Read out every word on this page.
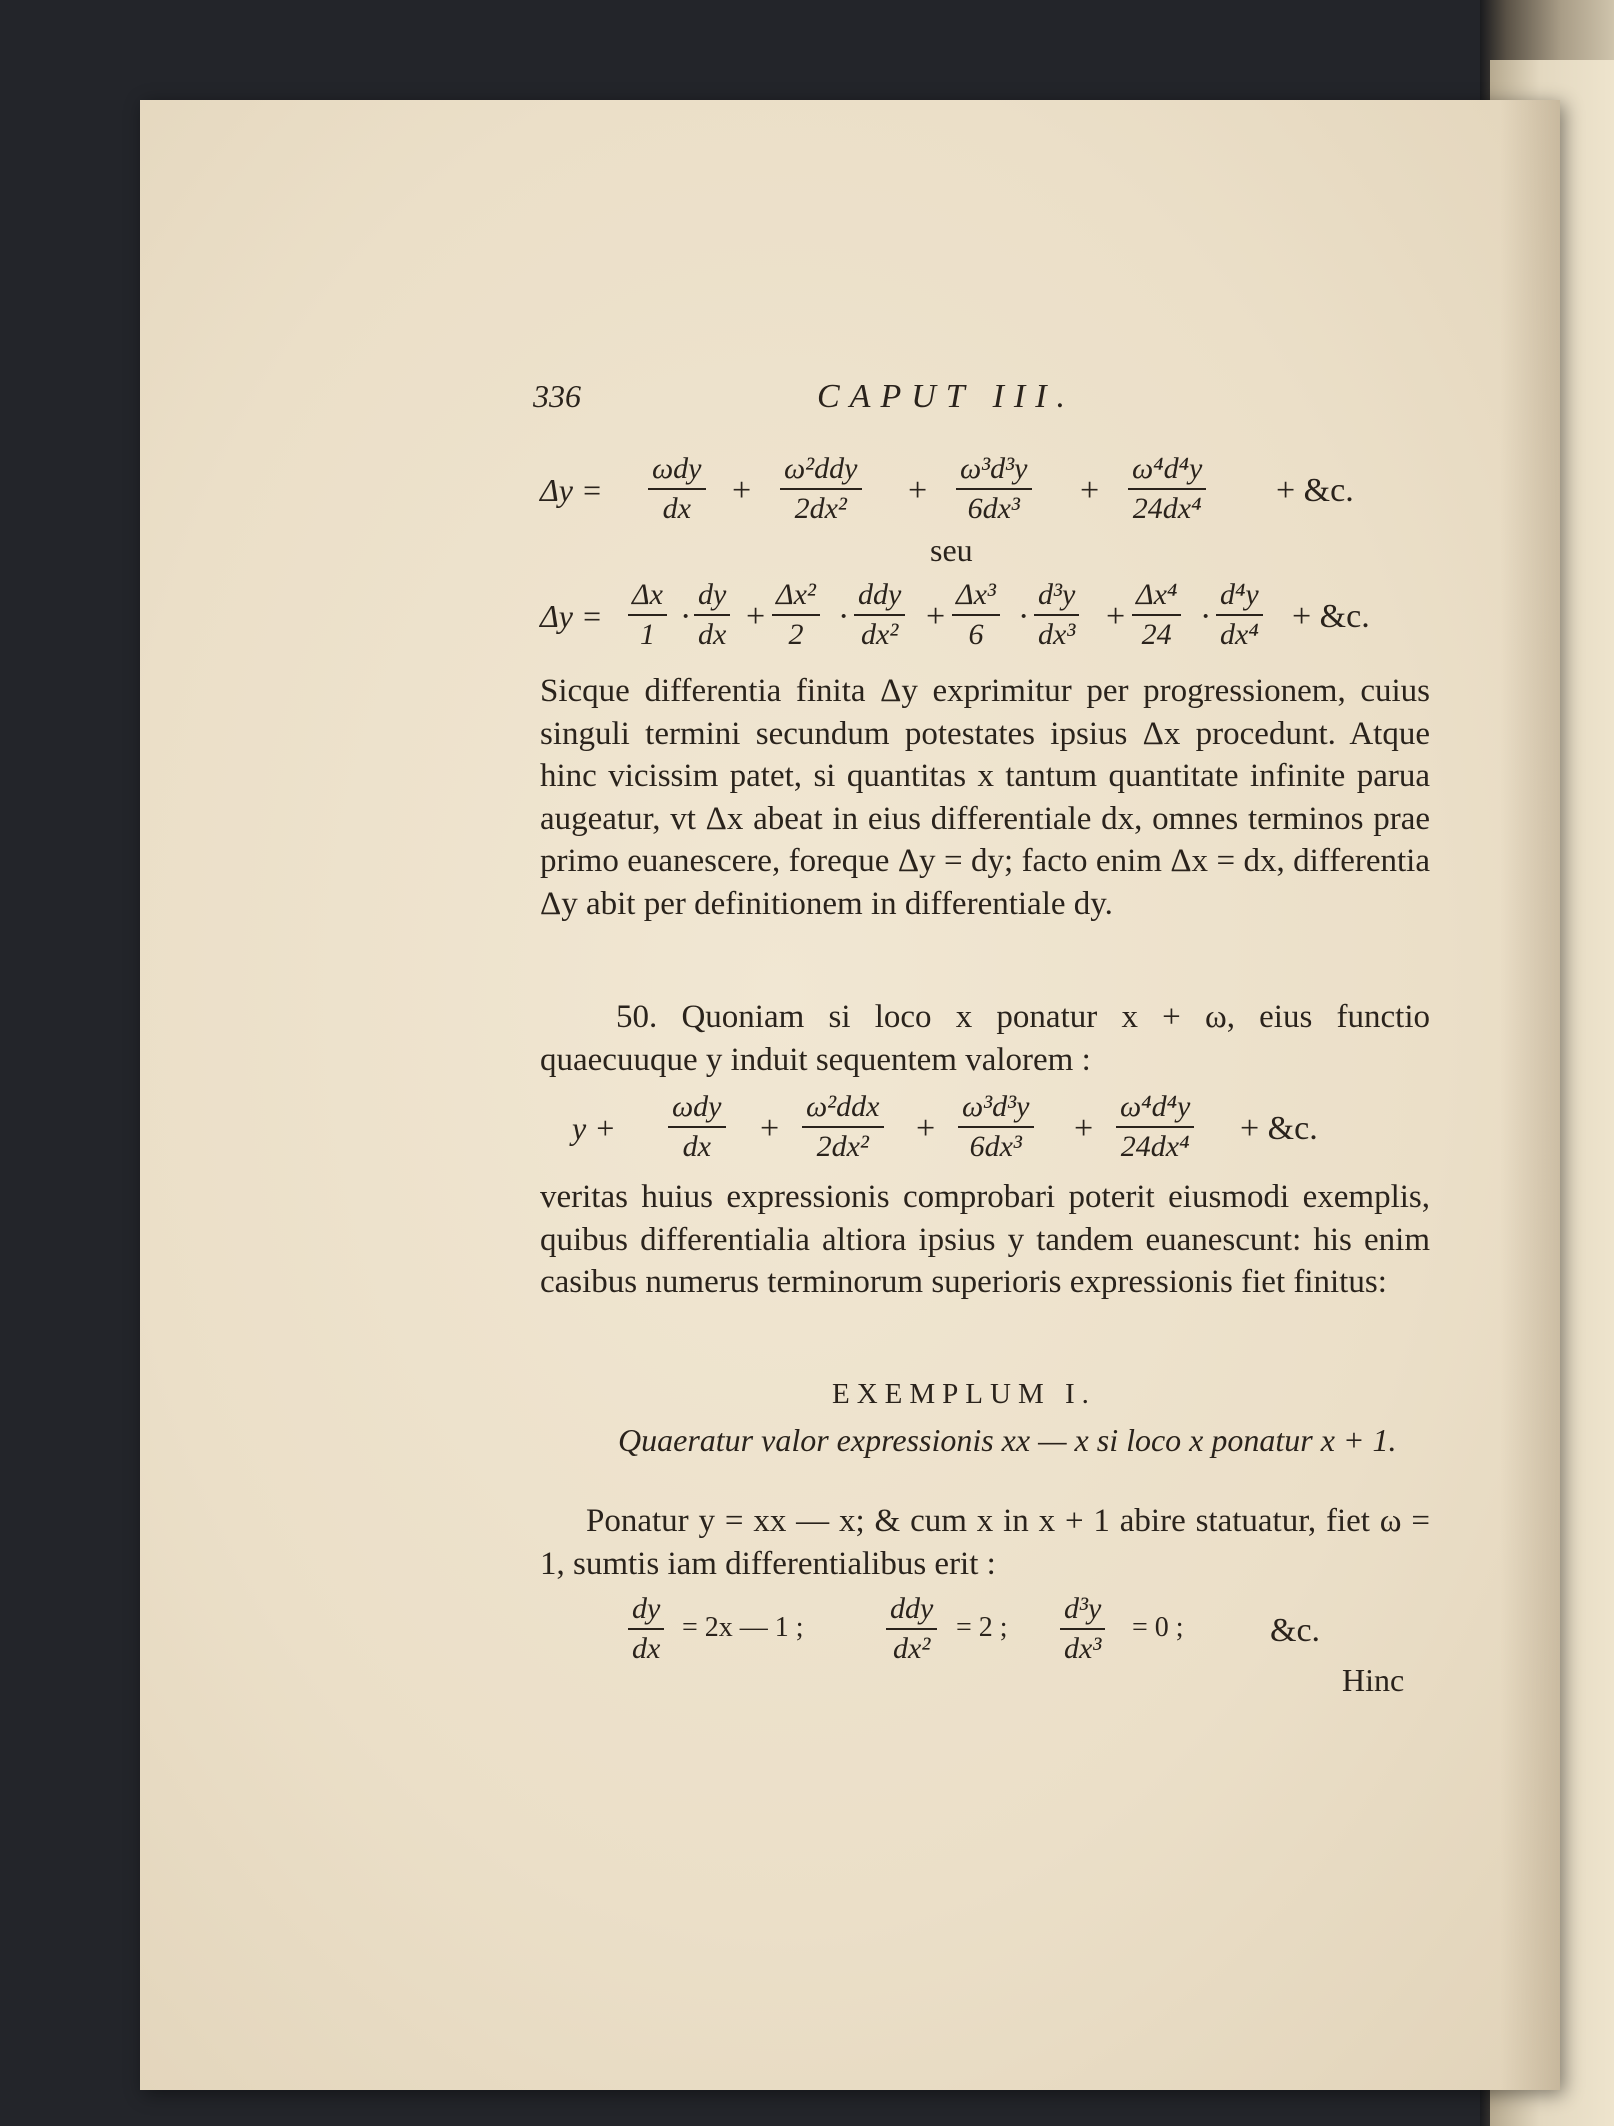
336	CAPUT III.
Δy =
ωdy
dx	+
ω²ddy
2dx²	+ $\frac{\text{ω³d³y}}{\text{6dx³}} + \frac{\text{ω⁴d⁴y}}{\text{24dx⁴}}$ + &c.
seu
$\Delta y = \frac{\Delta x}{1} \cdot \frac{dy}{dx} + \frac{\text{Δx²}}{2}$ ·
ddy
$dx^2 + \frac{\text{Δx³}}{6} \cdot \frac{\text{d³y}}{\text{dx³}} + \frac{\text{Δx⁴}}{24} \cdot \frac{\text{d⁴y}}{\text{dx⁴}}$ + &c.

Sicque differentia finita Δy exprimitur per progressionem, cuius singuli termini secundum potestates ipsius Δx procedunt. Atque hinc vicissim patet, si quantitas x tantum quantitate infinite parua augeatur, vt Δx abeat in eius differentiale dx, omnes terminos prae primo euanescere, foreque Δy = dy; facto enim Δx = dx, differentia Δy abit per definitionem in differentiale dy.

50. Quoniam si loco x ponatur x + ω, eius functio quaecuuque y induit sequentem valorem :

y +
ωdy
dx	+
ω²ddx
2dx²	+ $\frac{\text{ω³d³y}}{\text{6dx³}} + \frac{\text{ω⁴d⁴y}}{\text{24dx⁴}}$ + &c.

veritas huius expressionis comprobari poterit eiusmodi exemplis, quibus differentialia altiora ipsius y tandem euanescunt: his enim casibus numerus terminorum superioris expressionis fiet finitus:

EXEMPLUM I.
Quaeratur valor expressionis xx — x si loco x ponatur x + 1.

Ponatur y = xx — x; & cum x in x + 1 abire statuatur, fiet ω = 1, sumtis iam differentialibus erit :

$\frac{dy}{dx} = 2x$ — 1 ;
ddy
dx²
= 2 ; $\frac{\text{d³y}}{\text{dx³}} = 0$ ;	&c.
Hinc
